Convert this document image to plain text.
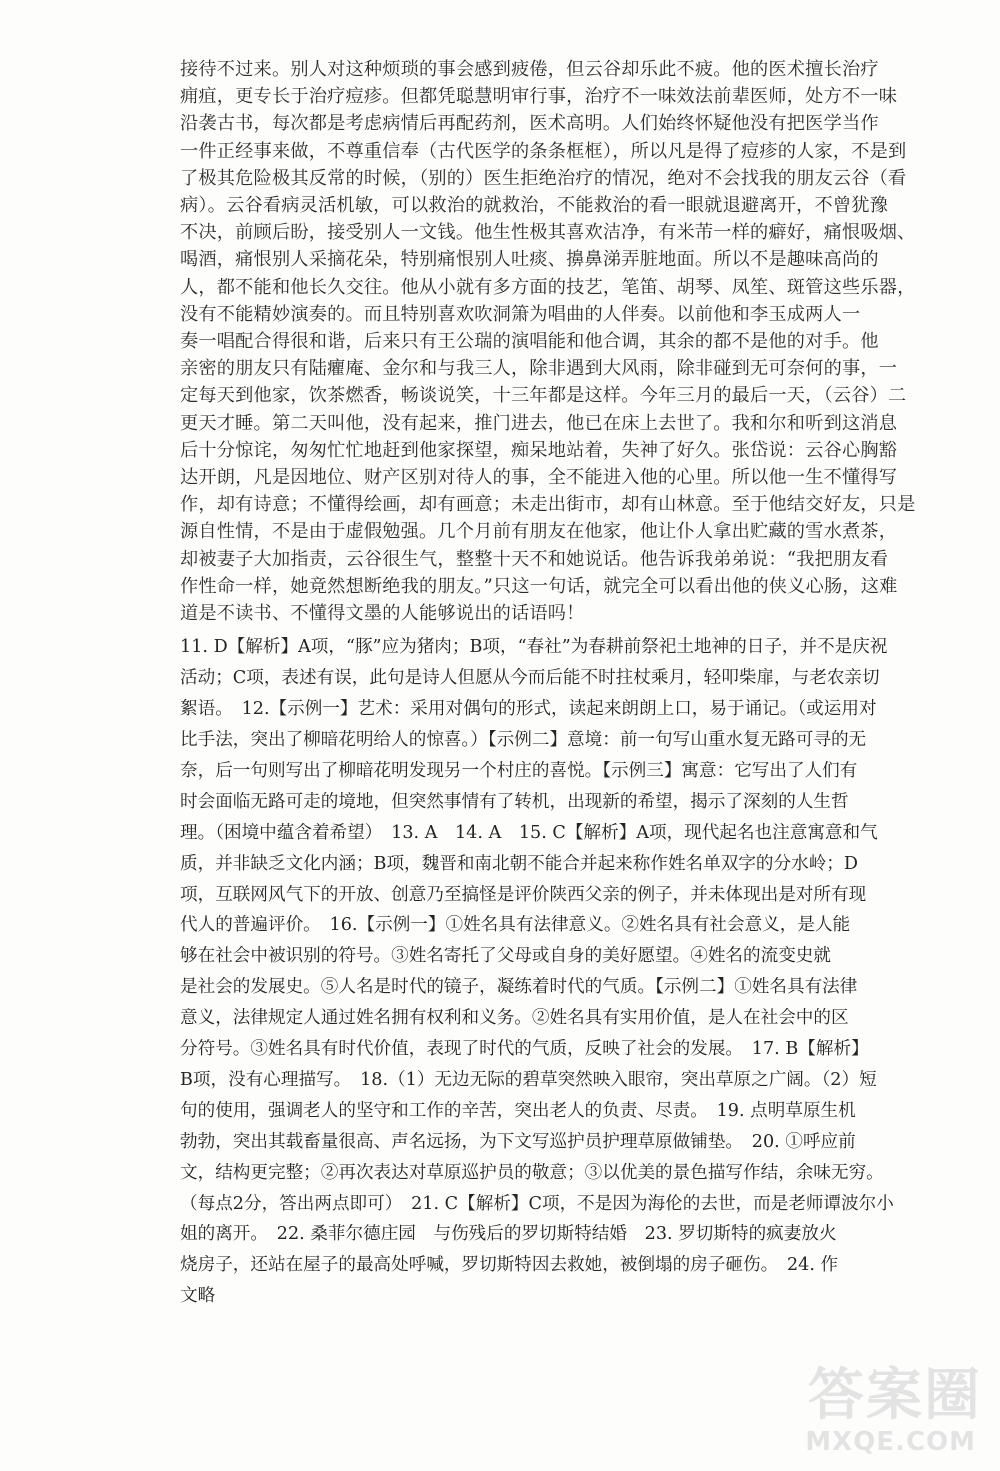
接待不过来。别人对这种烦琐的事会感到疲倦，但云谷却乐此不疲。他的医术擅长治疗

痈疽，更专长于治疗痘疹。但都凭聪慧明审行事，治疗不一味效法前辈医师，处方不一味

沿袭古书，每次都是考虑病情后再配药剂，医术高明。人们始终怀疑他没有把医学当作

一件正经事来做，不尊重信奉（古代医学的条条框框），所以凡是得了痘疹的人家，不是到

了极其危险极其反常的时候，（别的）医生拒绝治疗的情况，绝对不会找我的朋友云谷（看

病）。云谷看病灵活机敏，可以救治的就救治，不能救治的看一眼就退避离开，不曾犹豫

不决，前顾后盼，接受别人一文钱。他生性极其喜欢洁净，有米芾一样的癖好，痛恨吸烟、

喝酒，痛恨别人采摘花朵，特别痛恨别人吐痰、擤鼻涕弄脏地面。所以不是趣味高尚的

人，都不能和他长久交往。他从小就有多方面的技艺，笔笛、胡琴、凤笙、斑管这些乐器，

没有不能精妙演奏的。而且特别喜欢吹洞箫为唱曲的人伴奏。以前他和李玉成两人一

奏一唱配合得很和谐，后来只有王公瑞的演唱能和他合调，其余的都不是他的对手。他

亲密的朋友只有陆癯庵、金尔和与我三人，除非遇到大风雨，除非碰到无可奈何的事，一

定每天到他家，饮茶燃香，畅谈说笑，十三年都是这样。今年三月的最后一天，（云谷）二

更天才睡。第二天叫他，没有起来，推门进去，他已在床上去世了。我和尔和听到这消息

后十分惊诧，匆匆忙忙地赶到他家探望，痴呆地站着，失神了好久。张岱说：云谷心胸豁

达开朗，凡是因地位、财产区别对待人的事，全不能进入他的心里。所以他一生不懂得写

作，却有诗意；不懂得绘画，却有画意；未走出街市，却有山林意。至于他结交好友，只是

源自性情，不是由于虚假勉强。几个月前有朋友在他家，他让仆人拿出贮藏的雪水煮茶，

却被妻子大加指责，云谷很生气，整整十天不和她说话。他告诉我弟弟说：“我把朋友看

作性命一样，她竟然想断绝我的朋友。”只这一句话，就完全可以看出他的侠义心肠，这难

道是不读书、不懂得文墨的人能够说出的话语吗！

11. D【解析】A项，“豚”应为猪肉；B项，“春社”为春耕前祭祀土地神的日子，并不是庆祝

活动；C项，表述有误，此句是诗人但愿从今而后能不时拄杖乘月，轻叩柴扉，与老农亲切

絮语。　12.【示例一】艺术：采用对偶句的形式，读起来朗朗上口，易于诵记。（或运用对

比手法，突出了柳暗花明给人的惊喜。）【示例二】意境：前一句写山重水复无路可寻的无

奈，后一句则写出了柳暗花明发现另一个村庄的喜悦。【示例三】寓意：它写出了人们有

时会面临无路可走的境地，但突然事情有了转机，出现新的希望，揭示了深刻的人生哲

理。（困境中蕴含着希望）　13. A　14. A　15. C【解析】A项，现代起名也注意寓意和气

质，并非缺乏文化内涵；B项，魏晋和南北朝不能合并起来称作姓名单双字的分水岭；D

项，互联网风气下的开放、创意乃至搞怪是评价陕西父亲的例子，并未体现出是对所有现

代人的普遍评价。　16.【示例一】①姓名具有法律意义。②姓名具有社会意义，是人能

够在社会中被识别的符号。③姓名寄托了父母或自身的美好愿望。④姓名的流变史就

是社会的发展史。⑤人名是时代的镜子，凝练着时代的气质。【示例二】①姓名具有法律

意义，法律规定人通过姓名拥有权利和义务。②姓名具有实用价值，是人在社会中的区

分符号。③姓名具有时代价值，表现了时代的气质，反映了社会的发展。　17. B【解析】

B项，没有心理描写。　18.（1）无边无际的碧草突然映入眼帘，突出草原之广阔。（2）短

句的使用，强调老人的坚守和工作的辛苦，突出老人的负责、尽责。　19. 点明草原生机

勃勃，突出其载畜量很高、声名远扬，为下文写巡护员护理草原做铺垫。　20. ①呼应前

文，结构更完整；②再次表达对草原巡护员的敬意；③以优美的景色描写作结，余味无穷。

（每点2分，答出两点即可）　21. C【解析】C项，不是因为海伦的去世，而是老师谭波尔小

姐的离开。　22. 桑菲尔德庄园　与伤残后的罗切斯特结婚　23. 罗切斯特的疯妻放火

烧房子，还站在屋子的最高处呼喊，罗切斯特因去救她，被倒塌的房子砸伤。　24. 作

文略

答案圈
MXQE.COM
